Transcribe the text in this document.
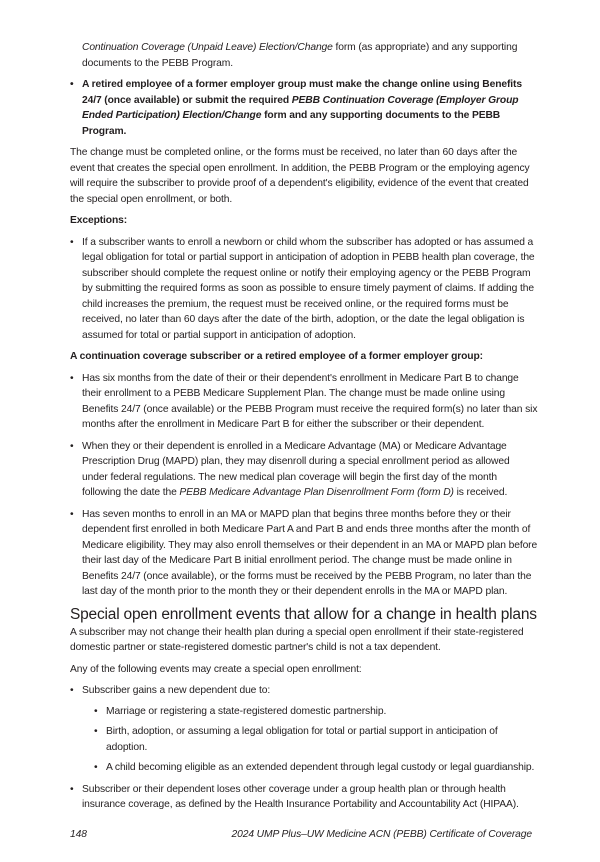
Continuation Coverage (Unpaid Leave) Election/Change form (as appropriate) and any supporting documents to the PEBB Program.

• A retired employee of a former employer group must make the change online using Benefits 24/7 (once available) or submit the required PEBB Continuation Coverage (Employer Group Ended Participation) Election/Change form and any supporting documents to the PEBB Program.

The change must be completed online, or the forms must be received, no later than 60 days after the event that creates the special open enrollment. In addition, the PEBB Program or the employing agency will require the subscriber to provide proof of a dependent's eligibility, evidence of the event that created the special open enrollment, or both.

Exceptions:

• If a subscriber wants to enroll a newborn or child whom the subscriber has adopted or has assumed a legal obligation for total or partial support in anticipation of adoption in PEBB health plan coverage, the subscriber should complete the request online or notify their employing agency or the PEBB Program by submitting the required forms as soon as possible to ensure timely payment of claims. If adding the child increases the premium, the request must be received online, or the required forms must be received, no later than 60 days after the date of the birth, adoption, or the date the legal obligation is assumed for total or partial support in anticipation of adoption.

A continuation coverage subscriber or a retired employee of a former employer group:

• Has six months from the date of their or their dependent's enrollment in Medicare Part B to change their enrollment to a PEBB Medicare Supplement Plan. The change must be made online using Benefits 24/7 (once available) or the PEBB Program must receive the required form(s) no later than six months after the enrollment in Medicare Part B for either the subscriber or their dependent.
• When they or their dependent is enrolled in a Medicare Advantage (MA) or Medicare Advantage Prescription Drug (MAPD) plan, they may disenroll during a special enrollment period as allowed under federal regulations. The new medical plan coverage will begin the first day of the month following the date the PEBB Medicare Advantage Plan Disenrollment Form (form D) is received.
• Has seven months to enroll in an MA or MAPD plan that begins three months before they or their dependent first enrolled in both Medicare Part A and Part B and ends three months after the month of Medicare eligibility. They may also enroll themselves or their dependent in an MA or MAPD plan before their last day of the Medicare Part B initial enrollment period. The change must be made online in Benefits 24/7 (once available), or the forms must be received by the PEBB Program, no later than the last day of the month prior to the month they or their dependent enrolls in the MA or MAPD plan.
Special open enrollment events that allow for a change in health plans

A subscriber may not change their health plan during a special open enrollment if their state-registered domestic partner or state-registered domestic partner's child is not a tax dependent.

Any of the following events may create a special open enrollment:

• Subscriber gains a new dependent due to:
• Marriage or registering a state-registered domestic partnership.
• Birth, adoption, or assuming a legal obligation for total or partial support in anticipation of adoption.
• A child becoming eligible as an extended dependent through legal custody or legal guardianship.
• Subscriber or their dependent loses other coverage under a group health plan or through health insurance coverage, as defined by the Health Insurance Portability and Accountability Act (HIPAA).
148	2024 UMP Plus–UW Medicine ACN (PEBB) Certificate of Coverage
